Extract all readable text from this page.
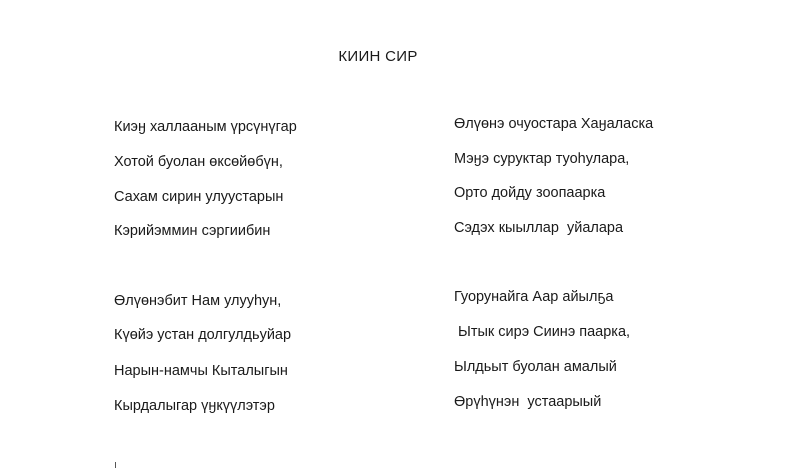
КИИН СИР
Киэӈ халлааным үрсүнүгар
Хотой буолан өксөйөбүн,
Сахам сирин улуустарын
Кэрийэммин сэргиибин
Өлүөнэбит Нам улууһун,
Күөйэ устан долгулдьуйар
Нарын-намчы Кыталыгын
Кырдалыгар үӈкүүлэтэр
Өлүөнэ очуостара Хаӈаласка
Мэӈэ суруктар туоһулара,
Орто дойду зоопаарка
Сэдэх кыыллар  уйалара
Гуорунайга Аар айылҕа
Ытык сирэ Сиинэ паарка,
Ылдьыт буолан амалый
Өрүһүнэн  устаарыый
